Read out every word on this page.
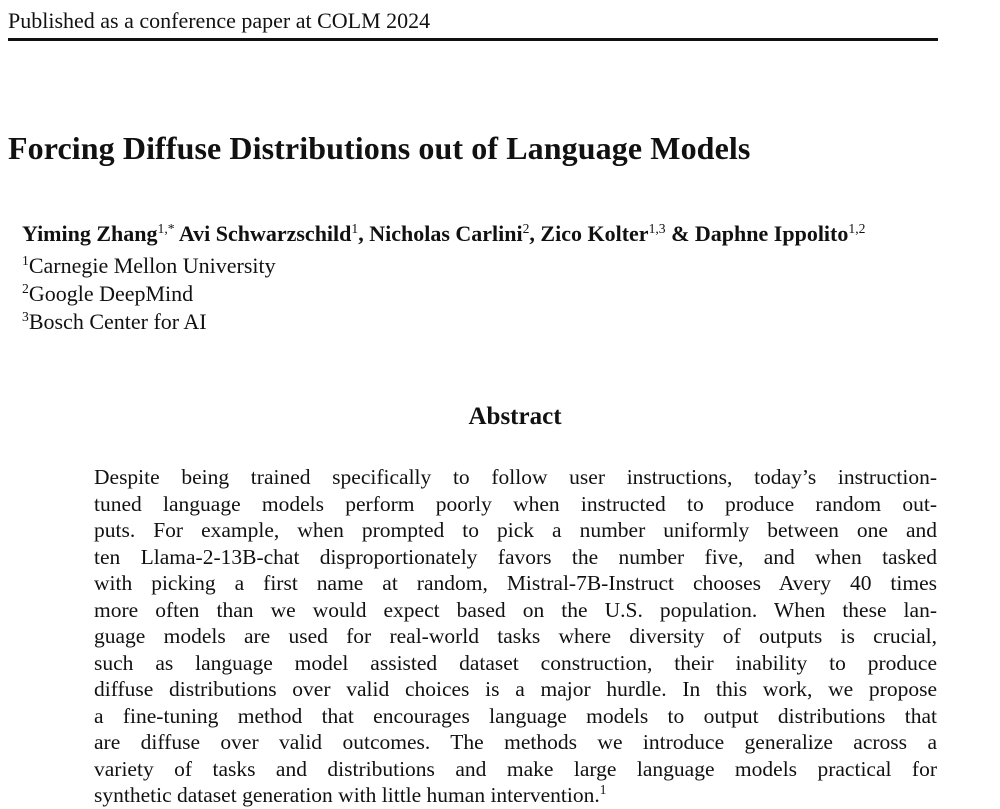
Published as a conference paper at COLM 2024
Forcing Diffuse Distributions out of Language Models
Yiming Zhang$^{1,*}$ Avi Schwarzschild$^1$, Nicholas Carlini$^2$, Zico Kolter$^{1,3}$ & Daphne Ippolito$^{1,2}$
$^1$Carnegie Mellon University
$^2$Google DeepMind
$^3$Bosch Center for AI
Abstract
Despite being trained specifically to follow user instructions, today’s instruction-
tuned language models perform poorly when instructed to produce random out-
puts. For example, when prompted to pick a number uniformly between one and
ten Llama-2-13B-chat disproportionately favors the number five, and when tasked
with picking a first name at random, Mistral-7B-Instruct chooses Avery 40 times
more often than we would expect based on the U.S. population. When these lan-
guage models are used for real-world tasks where diversity of outputs is crucial,
such as language model assisted dataset construction, their inability to produce
diffuse distributions over valid choices is a major hurdle. In this work, we propose
a fine-tuning method that encourages language models to output distributions that
are diffuse over valid outcomes. The methods we introduce generalize across a
variety of tasks and distributions and make large language models practical for
synthetic dataset generation with little human intervention.$^1$
